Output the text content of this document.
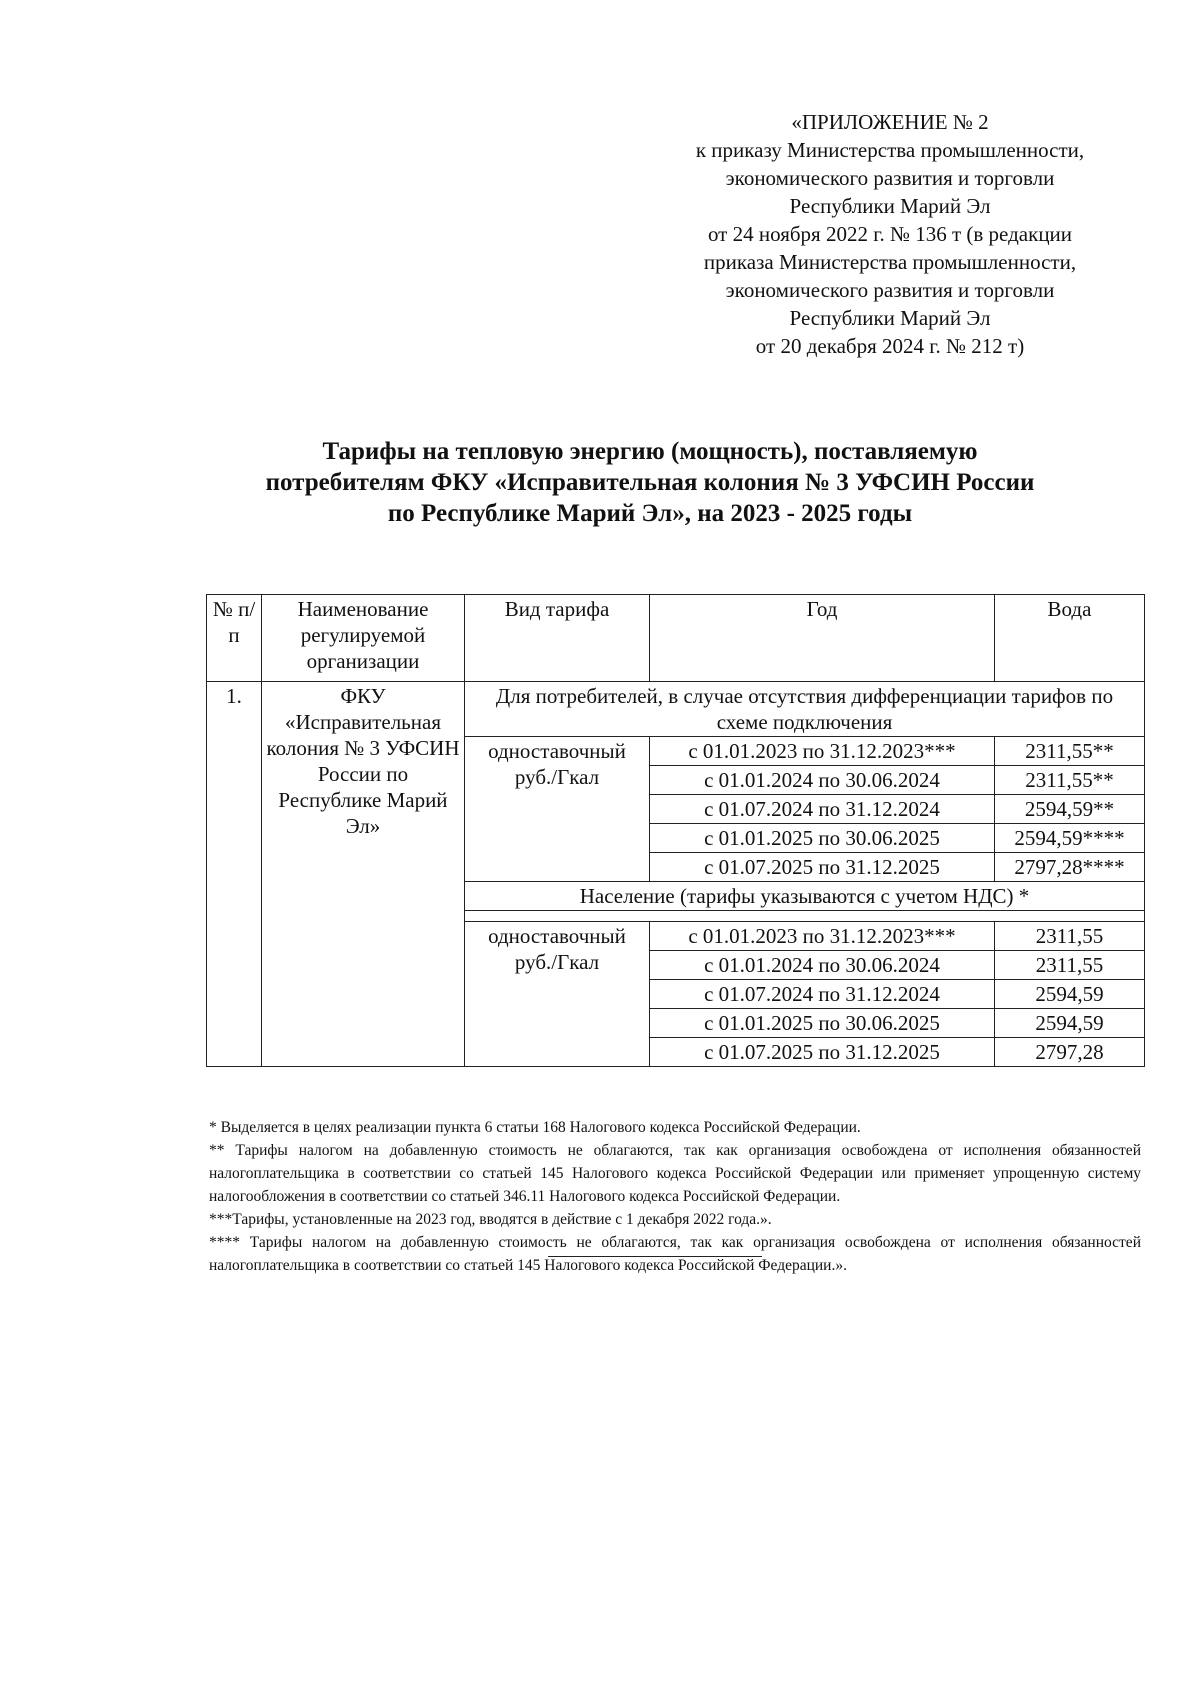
«ПРИЛОЖЕНИЕ № 2
к приказу Министерства промышленности,
экономического развития и торговли
Республики Марий Эл
от 24 ноября 2022 г. № 136 т (в редакции
приказа Министерства промышленности,
экономического развития и торговли
Республики Марий Эл
от 20 декабря 2024 г. № 212 т)
Тарифы на тепловую энергию (мощность), поставляемую
потребителям ФКУ «Исправительная колония № 3 УФСИН России
по Республике Марий Эл», на 2023 - 2025 годы
№ п/п	Наименование регулируемой организации	Вид тарифа	Год	Вода
1.	ФКУ «Исправительная колония № 3 УФСИН России по Республике Марий Эл»	Для потребителей, в случае отсутствия дифференциации тарифов по схеме подключения		
		одноставочный руб./Гкал	с 01.01.2023 по 31.12.2023***	2311,55**
			с 01.01.2024 по 30.06.2024	2311,55**
			с 01.07.2024 по 31.12.2024	2594,59**
			с 01.01.2025 по 30.06.2025	2594,59****
			с 01.07.2025 по 31.12.2025	2797,28****
		Население (тарифы указываются с учетом НДС) *		

		одноставочный руб./Гкал	с 01.01.2023 по 31.12.2023***	2311,55
			с 01.01.2024 по 30.06.2024	2311,55
			с 01.07.2024 по 31.12.2024	2594,59
			с 01.01.2025 по 30.06.2025	2594,59
			с 01.07.2025 по 31.12.2025	2797,28

* Выделяется в целях реализации пункта 6 статьи 168 Налогового кодекса Российской Федерации.

** Тарифы налогом на добавленную стоимость не облагаются, так как организация освобождена от исполнения обязанностей налогоплательщика в соответствии со статьей 145 Налогового кодекса Российской Федерации или применяет упрощенную систему налогообложения в соответствии со статьей 346.11 Налогового кодекса Российской Федерации.

***Тарифы, установленные на 2023 год, вводятся в действие с 1 декабря 2022 года.».

**** Тарифы налогом на добавленную стоимость не облагаются, так как организация освобождена от исполнения обязанностей налогоплательщика в соответствии со статьей 145 Налогового кодекса Российской Федерации.».
